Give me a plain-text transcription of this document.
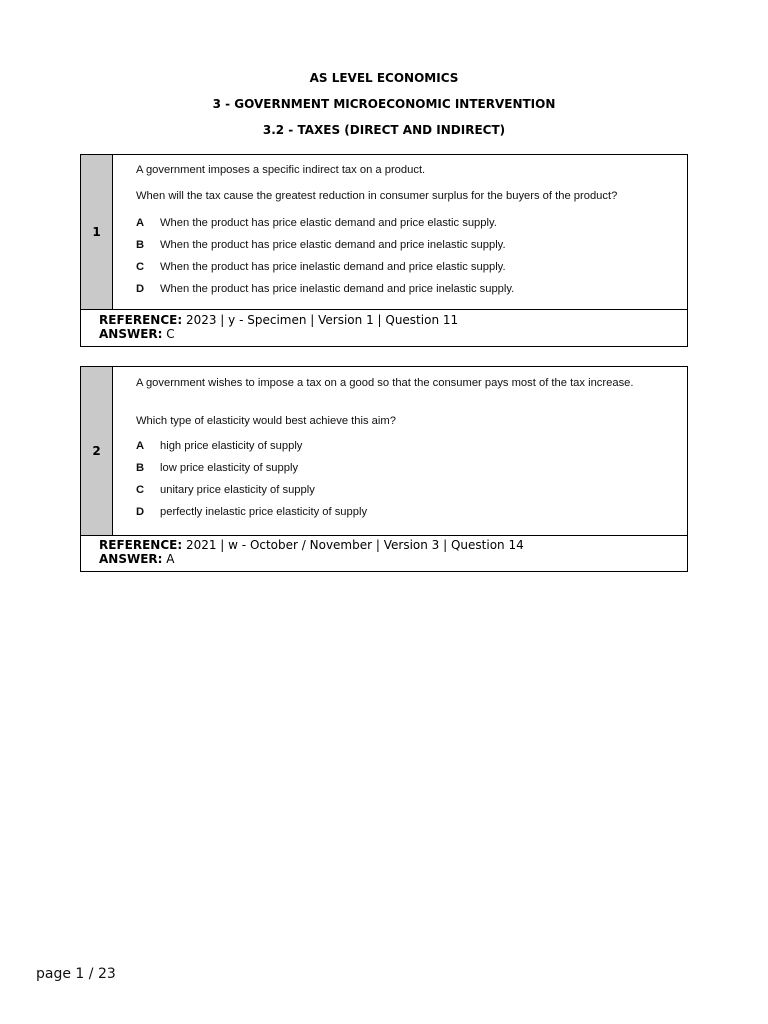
AS LEVEL ECONOMICS
3 - GOVERNMENT MICROECONOMIC INTERVENTION
3.2 - TAXES (DIRECT AND INDIRECT)
1
A government imposes a specific indirect tax on a product.
When will the tax cause the greatest reduction in consumer surplus for the buyers of the product?
A When the product has price elastic demand and price elastic supply.
B When the product has price elastic demand and price inelastic supply.
C When the product has price inelastic demand and price elastic supply.
D When the product has price inelastic demand and price inelastic supply.
REFERENCE: 2023 | y - Specimen | Version 1 | Question 11
ANSWER: C
2
A government wishes to impose a tax on a good so that the consumer pays most of the tax increase.
Which type of elasticity would best achieve this aim?
A high price elasticity of supply
B low price elasticity of supply
C unitary price elasticity of supply
D perfectly inelastic price elasticity of supply
REFERENCE: 2021 | w - October / November | Version 3 | Question 14
ANSWER: A
page 1 / 23
